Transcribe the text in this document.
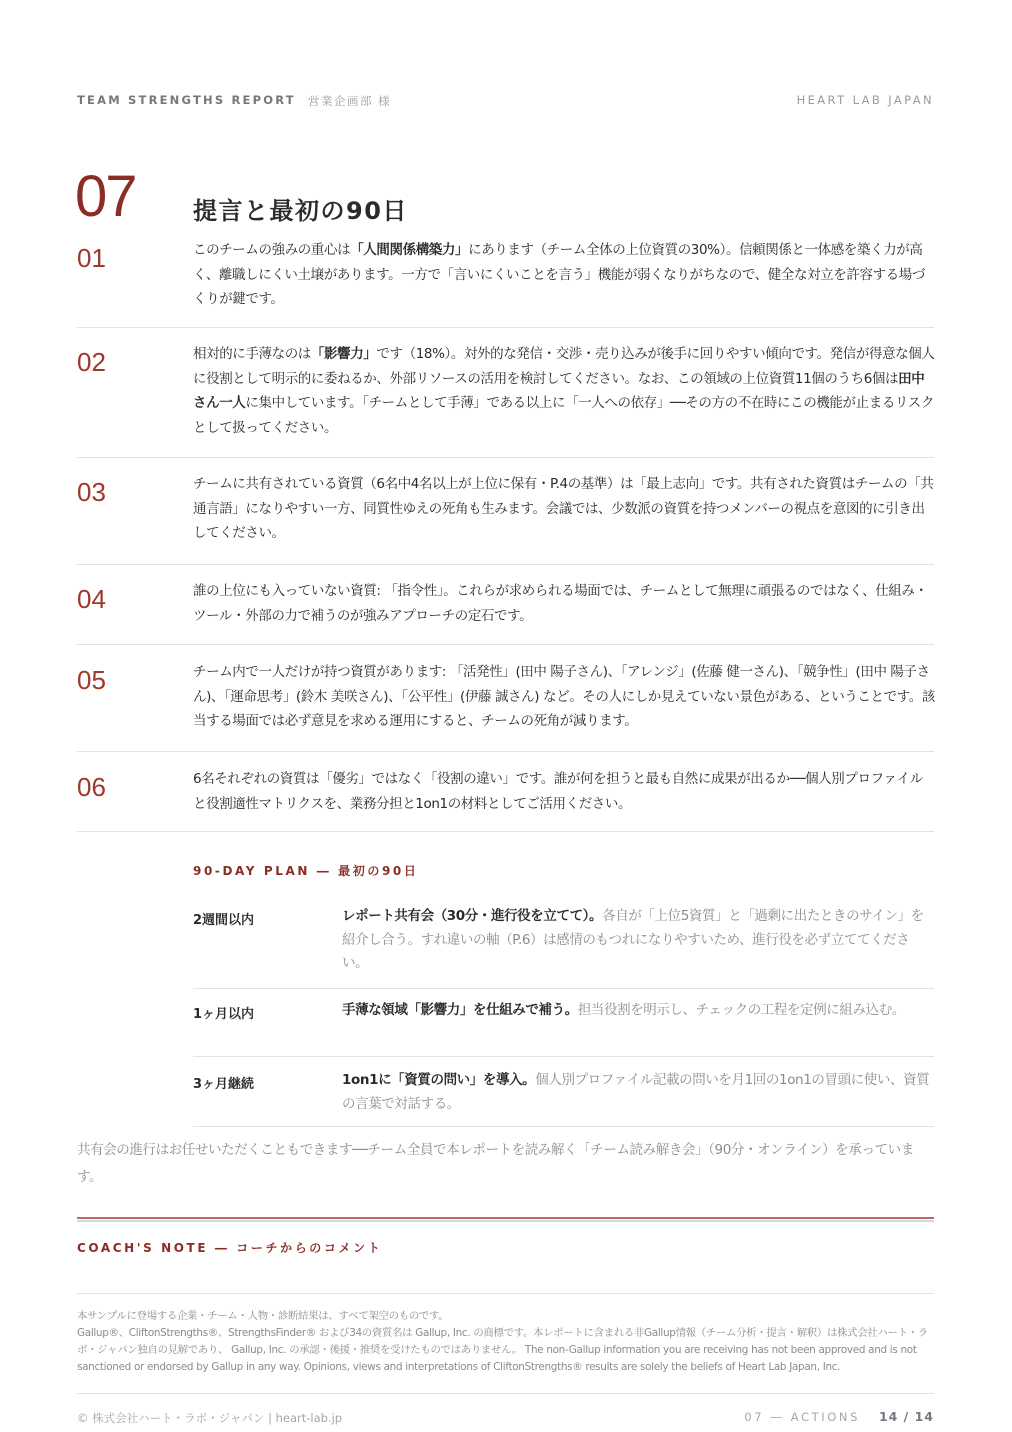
TEAM STRENGTHS REPORT 営業企画部 様	HEART LAB JAPAN
07 提言と最初の90日
01	このチームの強みの重心は「人間関係構築力」にあります（チーム全体の上位資質の30%）。信頼関係と一体感を築く力が高く、離職しにくい土壌があります。一方で「言いにくいことを言う」機能が弱くなりがちなので、健全な対立を許容する場づくりが鍵です。

02	相対的に手薄なのは「影響力」です（18%）。対外的な発信・交渉・売り込みが後手に回りやすい傾向です。発信が得意な個人に役割として明示的に委ねるか、外部リソースの活用を検討してください。なお、この領域の上位資質11個のうち6個は田中さん一人に集中しています。「チームとして手薄」である以上に「一人への依存」──その方の不在時にこの機能が止まるリスクとして扱ってください。

03	チームに共有されている資質（6名中4名以上が上位に保有・P.4の基準）は「最上志向」です。共有された資質はチームの「共通言語」になりやすい一方、同質性ゆえの死角も生みます。会議では、少数派の資質を持つメンバーの視点を意図的に引き出してください。

04	誰の上位にも入っていない資質: 「指令性」。これらが求められる場面では、チームとして無理に頑張るのではなく、仕組み・ツール・外部の力で補うのが強みアプローチの定石です。

05	チーム内で一人だけが持つ資質があります: 「活発性」(田中 陽子さん)、「アレンジ」(佐藤 健一さん)、「競争性」(田中 陽子さん)、「運命思考」(鈴木 美咲さん)、「公平性」(伊藤 誠さん) など。その人にしか見えていない景色がある、ということです。該当する場面では必ず意見を求める運用にすると、チームの死角が減ります。

06	6名それぞれの資質は「優劣」ではなく「役割の違い」です。誰が何を担うと最も自然に成果が出るか──個人別プロファイルと役割適性マトリクスを、業務分担と1on1の材料としてご活用ください。

90-DAY PLAN ― 最初の90日
2週間以内	レポート共有会（30分・進行役を立てて）。各自が「上位5資質」と「過剰に出たときのサイン」を紹介し合う。すれ違いの軸（P.6）は感情のもつれになりやすいため、進行役を必ず立ててください。

1ヶ月以内	手薄な領域「影響力」を仕組みで補う。担当役割を明示し、チェックの工程を定例に組み込む。

3ヶ月継続	1on1に「資質の問い」を導入。個人別プロファイル記載の問いを月1回の1on1の冒頭に使い、資質の言葉で対話する。

共有会の進行はお任せいただくこともできます──チーム全員で本レポートを読み解く「チーム読み解き会」（90分・オンライン）を承っています。

COACH'S NOTE ― コーチからのコメント

本サンプルに登場する企業・チーム・人物・診断結果は、すべて架空のものです。

Gallup®、CliftonStrengths®、StrengthsFinder® および34の資質名は Gallup, Inc. の商標です。本レポートに含まれる非Gallup情報（チーム分析・提言・解釈）は株式会社ハート・ラボ・ジャパン独自の見解であり、 Gallup, Inc. の承認・後援・推奨を受けたものではありません。 The non-Gallup information you are receiving has not been approved and is not sanctioned or endorsed by Gallup in any way. Opinions, views and interpretations of CliftonStrengths® results are solely the beliefs of Heart Lab Japan, Inc.

© 株式会社ハート・ラボ・ジャパン | heart-lab.jp	07 ― ACTIONS 14 / 14
